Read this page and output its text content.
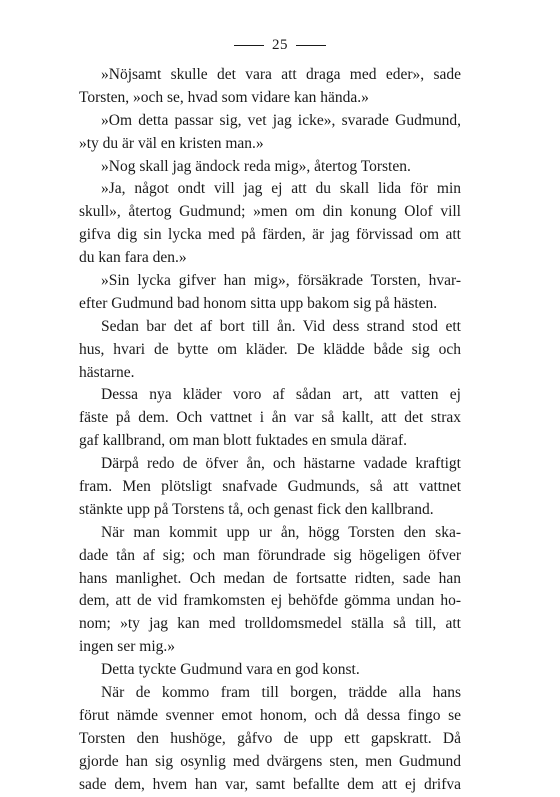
25
»Nöjsamt skulle det vara att draga med eder», sade
Torsten, »och se, hvad som vidare kan hända.»
»Om detta passar sig, vet jag icke», svarade Gudmund,
»ty du är väl en kristen man.»
»Nog skall jag ändock reda mig», återtog Torsten.
»Ja, något ondt vill jag ej att du skall lida för min
skull», återtog Gudmund; »men om din konung Olof vill
gifva dig sin lycka med på färden, är jag förvissad om att
du kan fara den.»
»Sin lycka gifver han mig», försäkrade Torsten, hvar-
efter Gudmund bad honom sitta upp bakom sig på hästen.
Sedan bar det af bort till ån. Vid dess strand stod ett
hus, hvari de bytte om kläder. De klädde både sig och
hästarne.
Dessa nya kläder voro af sådan art, att vatten ej
fäste på dem. Och vattnet i ån var så kallt, att det strax
gaf kallbrand, om man blott fuktades en smula däraf.
Därpå redo de öfver ån, och hästarne vadade kraftigt
fram. Men plötsligt snafvade Gudmunds, så att vattnet
stänkte upp på Torstens tå, och genast fick den kallbrand.
När man kommit upp ur ån, högg Torsten den ska-
dade tån af sig; och man förundrade sig högeligen öfver
hans manlighet. Och medan de fortsatte ridten, sade han
dem, att de vid framkomsten ej behöfde gömma undan ho-
nom; »ty jag kan med trolldomsmedel ställa så till, att
ingen ser mig.»
Detta tyckte Gudmund vara en god konst.
När de kommo fram till borgen, trädde alla hans
förut nämde svenner emot honom, och då dessa fingo se
Torsten den hushöge, gåfvo de upp ett gapskratt. Då
gjorde han sig osynlig med dvärgens sten, men Gudmund
sade dem, hvem han var, samt befallte dem att ej drifva
